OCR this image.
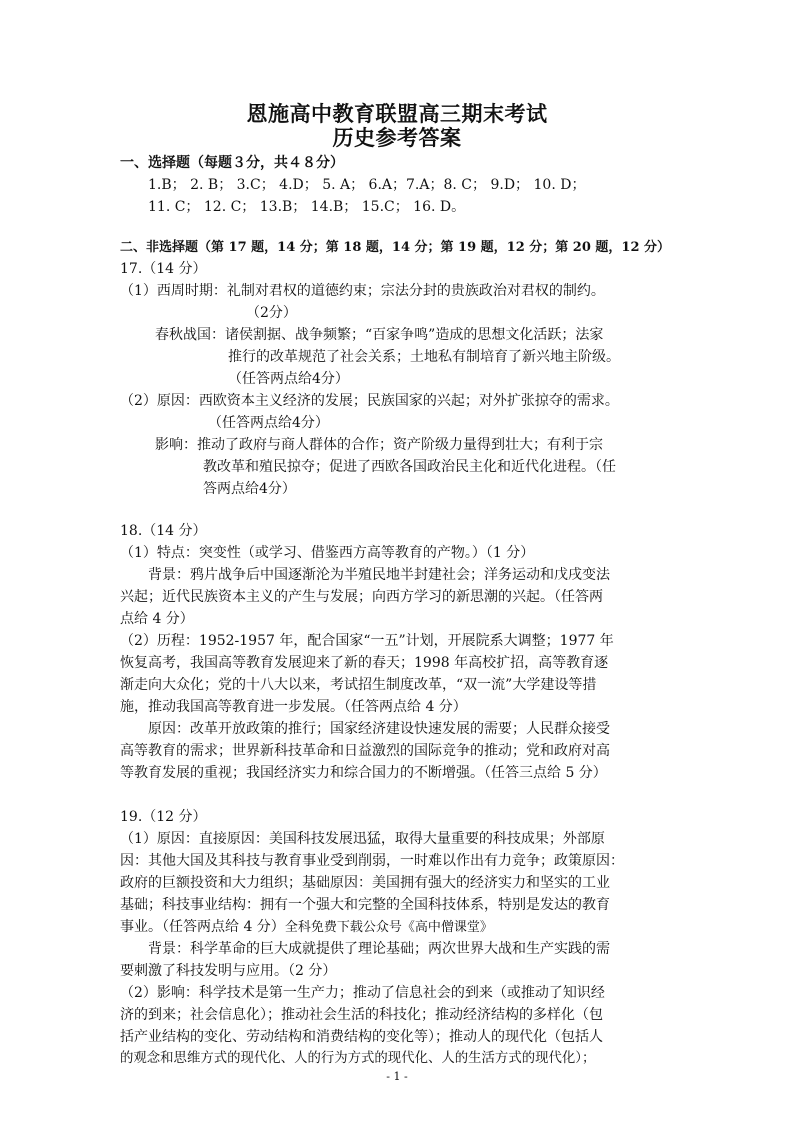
恩施高中教育联盟高三期末考试
历史参考答案
一、选择题（每题３分，共４８分）
1.B； 2. B； 3.C； 4.D； 5. A； 6.A；7.A；8. C； 9.D； 10. D；
11. C； 12. C； 13.B； 14.B； 15.C； 16. D。
二、非选择题（第 17 题，14 分；第 18 题，14 分；第 19 题，12 分；第 20 题，12 分）
17.（14 分）
（1）西周时期：礼制对君权的道德约束；宗法分封的贵族政治对君权的制约。
（2分）
春秋战国：诸侯割据、战争频繁；“百家争鸣”造成的思想文化活跃；法家
推行的改革规范了社会关系；土地私有制培育了新兴地主阶级。
（任答两点给4分）
（2）原因：西欧资本主义经济的发展；民族国家的兴起；对外扩张掠夺的需求。
（任答两点给4分）
影响：推动了政府与商人群体的合作；资产阶级力量得到壮大；有利于宗
教改革和殖民掠夺；促进了西欧各国政治民主化和近代化进程。（任
答两点给4分）
18.（14 分）
（1）特点：突变性（或学习、借鉴西方高等教育的产物。）（1 分）
背景：鸦片战争后中国逐渐沦为半殖民地半封建社会；洋务运动和戊戌变法
兴起；近代民族资本主义的产生与发展；向西方学习的新思潮的兴起。（任答两
点给 4 分）
（2）历程：1952-1957 年，配合国家“一五”计划，开展院系大调整；1977 年
恢复高考，我国高等教育发展迎来了新的春天；1998 年高校扩招，高等教育逐
渐走向大众化；党的十八大以来，考试招生制度改革，“双一流”大学建设等措
施，推动我国高等教育进一步发展。（任答两点给 4 分）
原因：改革开放政策的推行；国家经济建设快速发展的需要；人民群众接受
高等教育的需求；世界新科技革命和日益激烈的国际竞争的推动；党和政府对高
等教育发展的重视；我国经济实力和综合国力的不断增强。（任答三点给 5 分）
19.（12 分）
（1）原因：直接原因：美国科技发展迅猛，取得大量重要的科技成果；外部原
因：其他大国及其科技与教育事业受到削弱，一时难以作出有力竞争；政策原因：
政府的巨额投资和大力组织；基础原因：美国拥有强大的经济实力和坚实的工业
基础；科技事业结构：拥有一个强大和完整的全国科技体系，特别是发达的教育
事业。（任答两点给 4 分）全科免费下载公众号《高中僧课堂》
背景：科学革命的巨大成就提供了理论基础；两次世界大战和生产实践的需
要刺激了科技发明与应用。（2 分）
（2）影响：科学技术是第一生产力；推动了信息社会的到来（或推动了知识经
济的到来；社会信息化）；推动社会生活的科技化；推动经济结构的多样化（包
括产业结构的变化、劳动结构和消费结构的变化等）；推动人的现代化（包括人
的观念和思维方式的现代化、人的行为方式的现代化、人的生活方式的现代化）；
- 1 -
